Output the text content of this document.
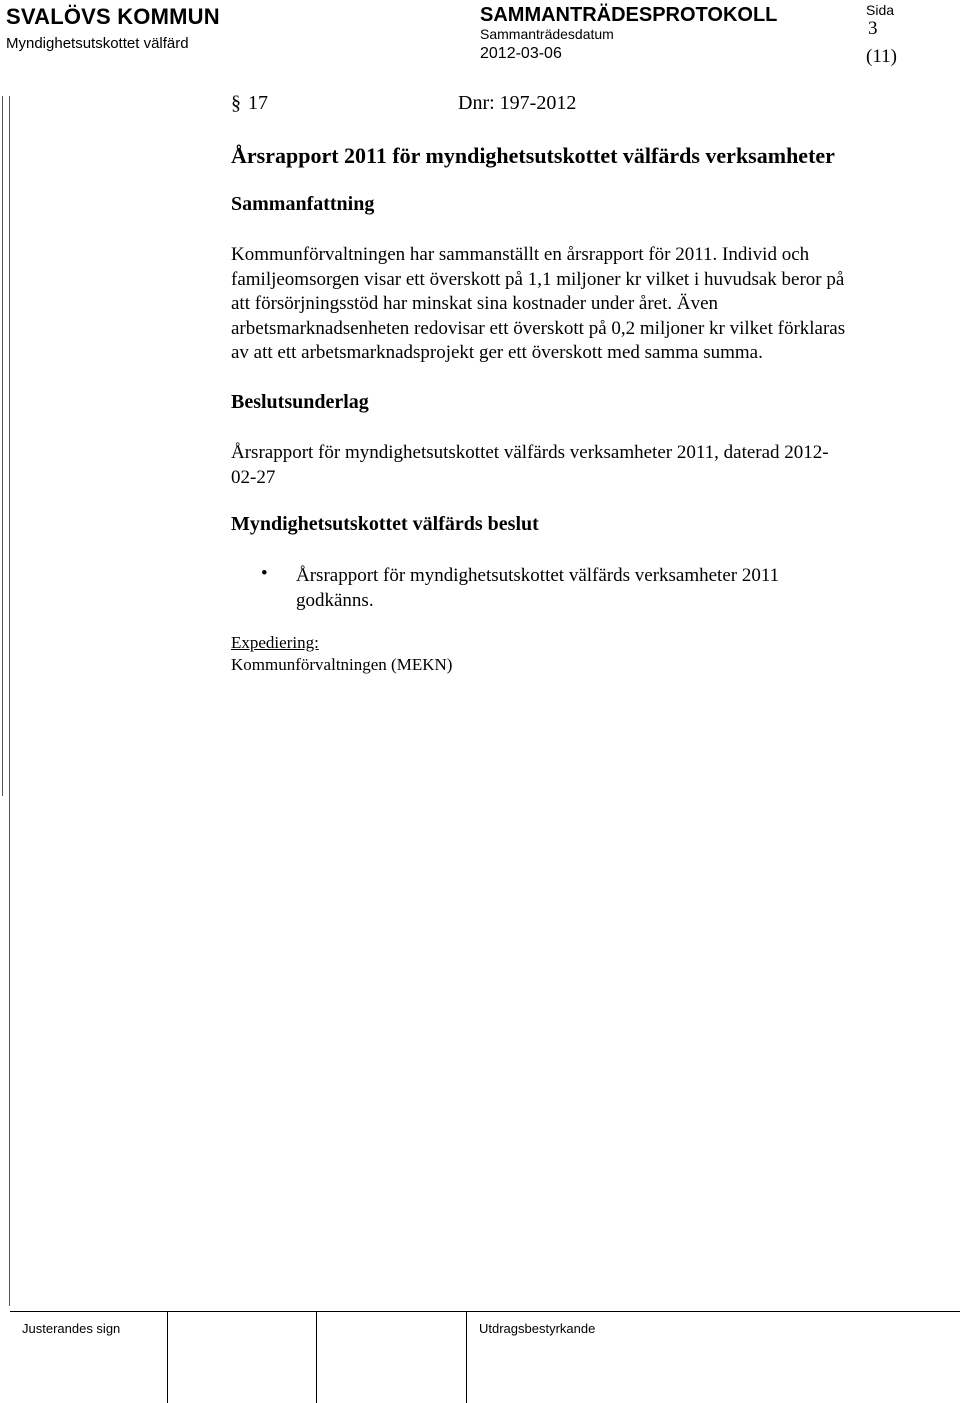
SVALÖVS KOMMUN
Myndighetsutskottet välfärd
SAMMANTRÄDESPROTOKOLL
Sammanträdesdatum
2012-03-06
Sida
3
(11)
§ 17	Dnr: 197-2012
Årsrapport 2011 för myndighetsutskottet välfärds verksamheter
Sammanfattning
Kommunförvaltningen har sammanställt en årsrapport för 2011. Individ och
familjeomsorgen visar ett överskott på 1,1 miljoner kr vilket i huvudsak beror på
att försörjningsstöd har minskat sina kostnader under året. Även
arbetsmarknadsenheten redovisar ett överskott på 0,2 miljoner kr vilket förklaras
av att ett arbetsmarknadsprojekt ger ett överskott med samma summa.
Beslutsunderlag
Årsrapport för myndighetsutskottet välfärds verksamheter 2011, daterad 2012-
02-27
Myndighetsutskottet välfärds beslut
• Årsrapport för myndighetsutskottet välfärds verksamheter 2011
godkänns.
Expediering:
Kommunförvaltningen (MEKN)
Justerandes sign	Utdragsbestyrkande
